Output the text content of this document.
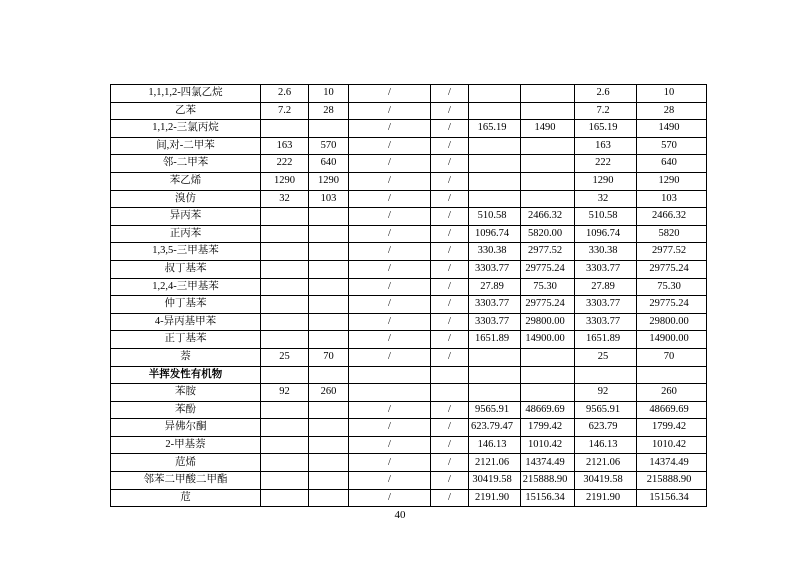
1,1,1,2-四氯乙烷	2.6	10	/	/			2.6	10
乙苯	7.2	28	/	/			7.2	28
1,1,2-三氯丙烷			/	/	165.19	1490	165.19	1490
间,对-二甲苯	163	570	/	/			163	570
邻-二甲苯	222	640	/	/			222	640
苯乙烯	1290	1290	/	/			1290	1290
溴仿	32	103	/	/			32	103
异丙苯			/	/	510.58	2466.32	510.58	2466.32
正丙苯			/	/	1096.74	5820.00	1096.74	5820
1,3,5-三甲基苯			/	/	330.38	2977.52	330.38	2977.52
叔丁基苯			/	/	3303.77	29775.24	3303.77	29775.24
1,2,4-三甲基苯			/	/	27.89	75.30	27.89	75.30
仲丁基苯			/	/	3303.77	29775.24	3303.77	29775.24
4-异丙基甲苯			/	/	3303.77	29800.00	3303.77	29800.00
正丁基苯			/	/	1651.89	14900.00	1651.89	14900.00
萘	25	70	/	/			25	70
半挥发性有机物								
苯胺	92	260					92	260
苯酚			/	/	9565.91	48669.69	9565.91	48669.69
异佛尔酮			/	/	623.79.47	1799.42	623.79	1799.42
2-甲基萘			/	/	146.13	1010.42	146.13	1010.42
苊烯			/	/	2121.06	14374.49	2121.06	14374.49
邻苯二甲酸二甲酯			/	/	30419.58	215888.90	30419.58	215888.90
苊			/	/	2191.90	15156.34	2191.90	15156.34
40
